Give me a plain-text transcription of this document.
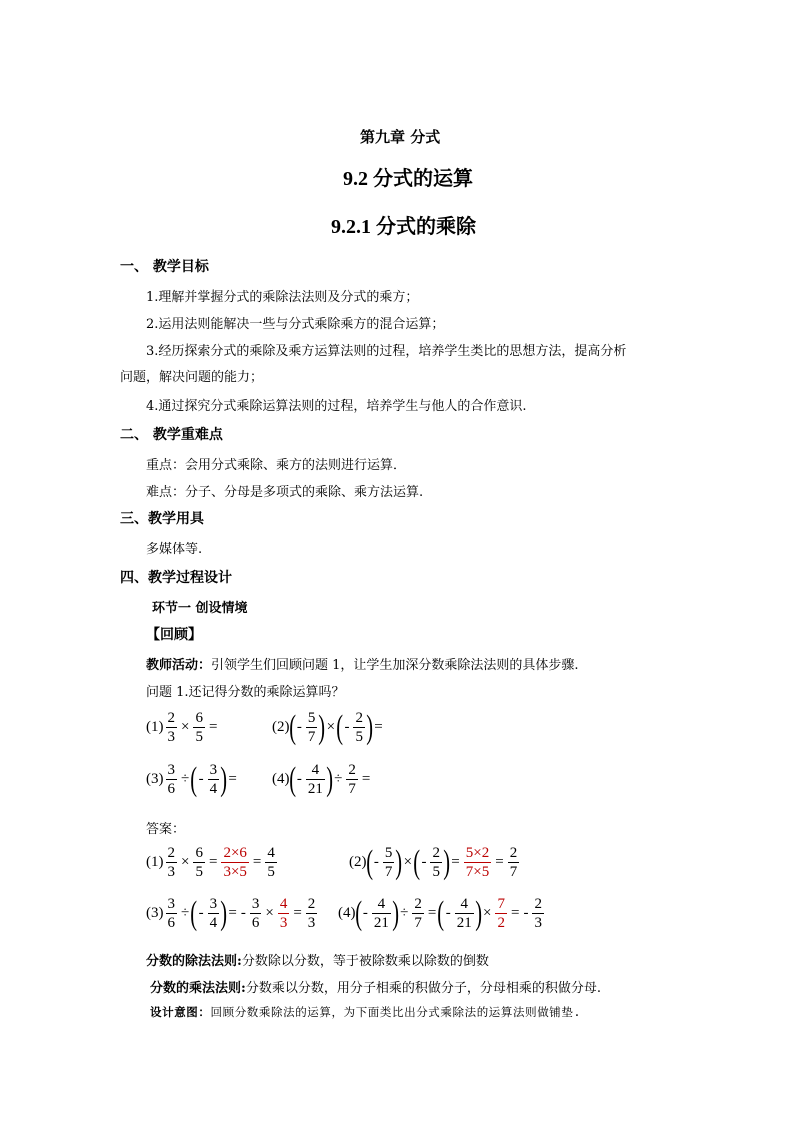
第九章 分式
9.2 分式的运算
9.2.1 分式的乘除
一、 教学目标
1.理解并掌握分式的乘除法法则及分式的乘方；
2.运用法则能解决一些与分式乘除乘方的混合运算；
3.经历探索分式的乘除及乘方运算法则的过程，培养学生类比的思想方法，提高分析
问题，解决问题的能力；
4.通过探究分式乘除运算法则的过程，培养学生与他人的合作意识.
二、 教学重难点
重点：会用分式乘除、乘方的法则进行运算．
难点：分子、分母是多项式的乘除、乘方法运算.
三、教学用具
多媒体等.
四、教学过程设计
环节一 创设情境
【回顾】
教师活动：引领学生们回顾问题 1，让学生加深分数乘除法法则的具体步骤.
问题 1.还记得分数的乘除运算吗？
$(1) \frac{2}{3} \times \frac{6}{5}$ =	(2) ( - $\frac{5}{7}$ ) × ( - $\frac{2}{5}$ ) =
$(3) \frac{3}{6}$ ÷ ( - $\frac{3}{4}$ ) = (4) ( - $\frac{4}{21}$ ) ÷ $\frac{2}{7}$ =
答案：
$(1) \frac{2}{3} \times \frac{6}{5} = \frac{2\times 6}{3\times 5} = \frac{4}{5}$	(2) ( - $\frac{5}{7}$ ) × ( - $\frac{2}{5}$ ) = $\frac{5\times 2}{7\times 5} = \frac{2}{7}$
$(3) \frac{3}{6}$ ÷ ( - $\frac{3}{4}$ ) = - $\frac{3}{6} \times \frac{4}{3} = \frac{2}{3} (4)$ ( - $\frac{4}{21}$ ) ÷ $\frac{2}{7}$ = ( - $\frac{4}{21}$ ) × $\frac{7}{2}$ = - $\frac{2}{3}$
分数的除法法则:分数除以分数，等于被除数乘以除数的倒数
分数的乘法法则:分数乘以分数，用分子相乘的积做分子，分母相乘的积做分母.
设计意图：回顾分数乘除法的运算，为下面类比出分式乘除法的运算法则做铺垫.
